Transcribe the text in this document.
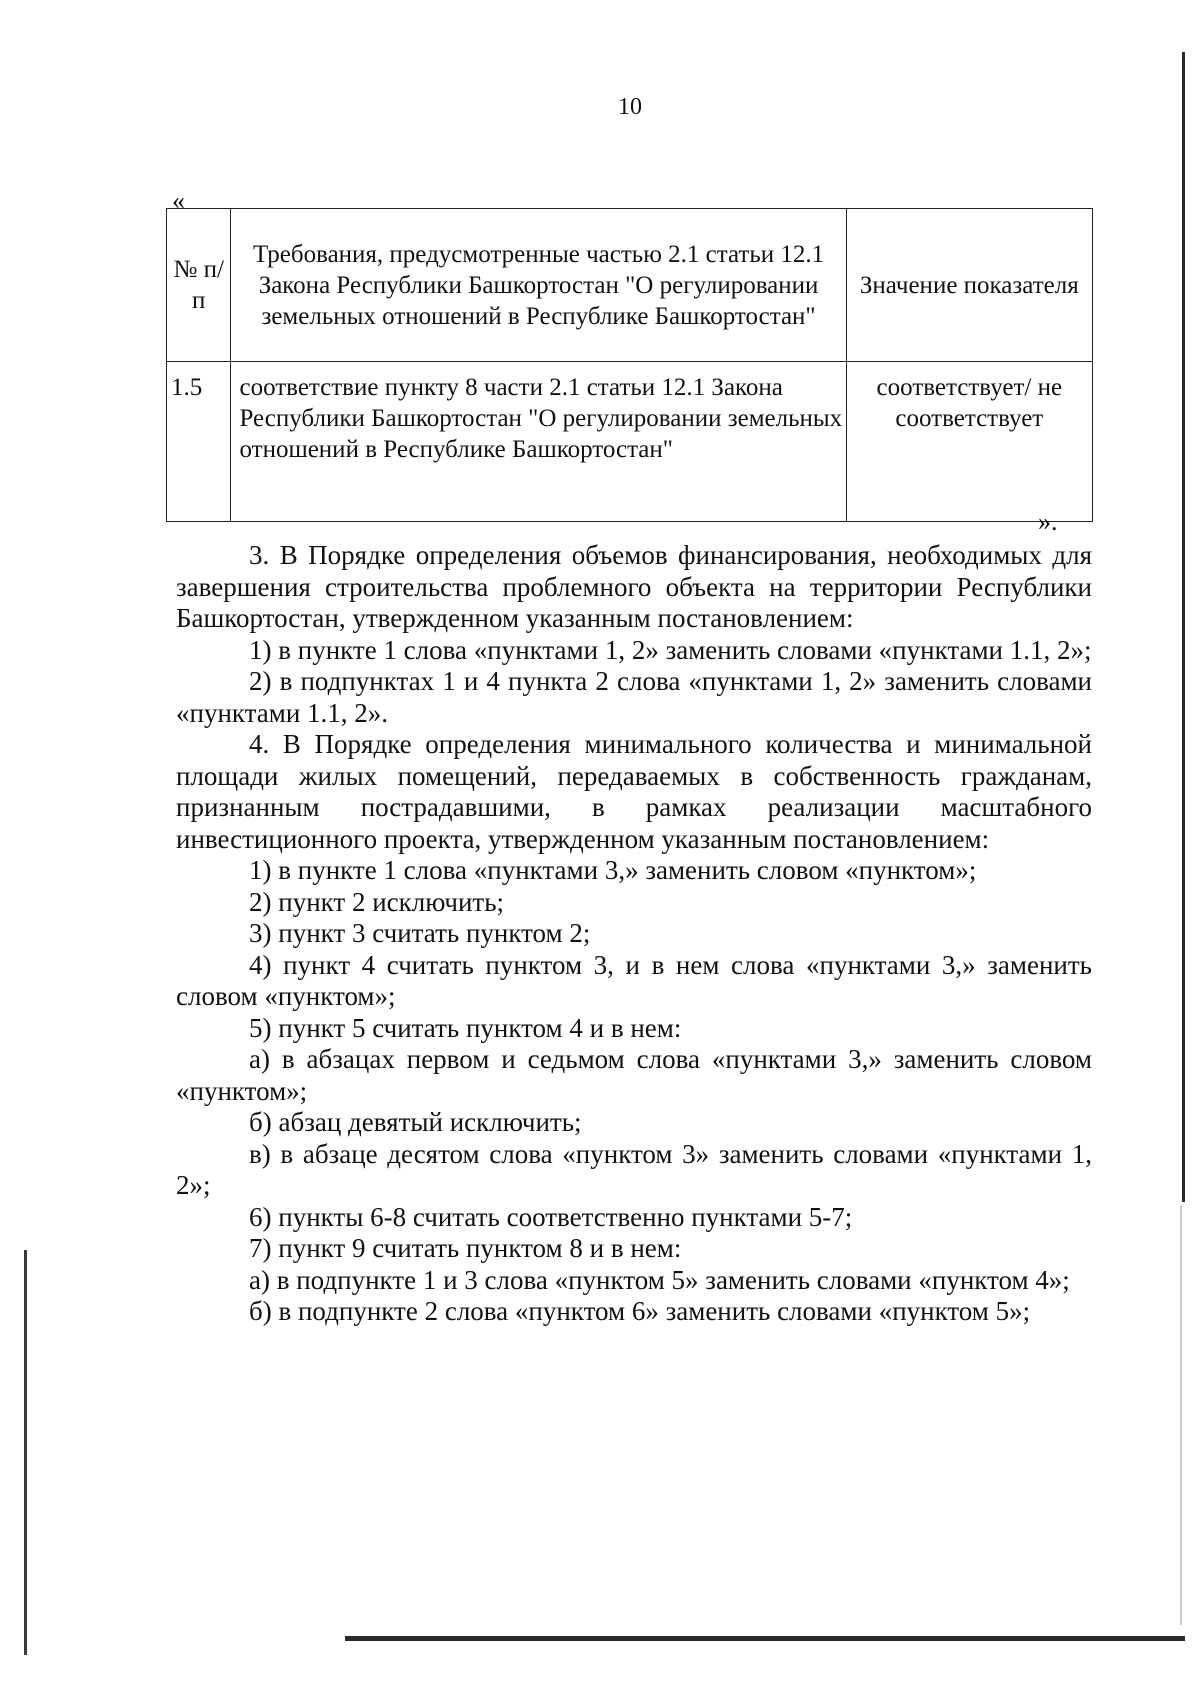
10
«
№ п/п	Требования, предусмотренные частью 2.1 статьи 12.1 Закона Республики Башкортостан "О регулировании земельных отношений в Республике Башкортостан"	Значение показателя
1.5	соответствие пункту 8 части 2.1 статьи 12.1 Закона Республики Башкортостан "О регулировании земельных отношений в Республике Башкортостан"	соответствует/ не соответствует
».

3. В Порядке определения объемов финансирования, необходимых для завершения строительства проблемного объекта на территории Республики Башкортостан, утвержденном указанным постановлением:

1) в пункте 1 слова «пунктами 1, 2» заменить словами «пунктами 1.1, 2»;

2) в подпунктах 1 и 4 пункта 2 слова «пунктами 1, 2» заменить словами «пунктами 1.1, 2».

4. В Порядке определения минимального количества и минимальной площади жилых помещений, передаваемых в собственность гражданам, признанным пострадавшими, в рамках реализации масштабного инвестиционного проекта, утвержденном указанным постановлением:

1) в пункте 1 слова «пунктами 3,» заменить словом «пунктом»;

2) пункт 2 исключить;

3) пункт 3 считать пунктом 2;

4) пункт 4 считать пунктом 3, и в нем слова «пунктами 3,» заменить словом «пунктом»;

5) пункт 5 считать пунктом 4 и в нем:

а) в абзацах первом и седьмом слова «пунктами 3,» заменить словом «пунктом»;

б) абзац девятый исключить;

в) в абзаце десятом слова «пунктом 3» заменить словами «пунктами 1, 2»;

6) пункты 6-8 считать соответственно пунктами 5-7;

7) пункт 9 считать пунктом 8 и в нем:

а) в подпункте 1 и 3 слова «пунктом 5» заменить словами «пунктом 4»;

б) в подпункте 2 слова «пунктом 6» заменить словами «пунктом 5»;
